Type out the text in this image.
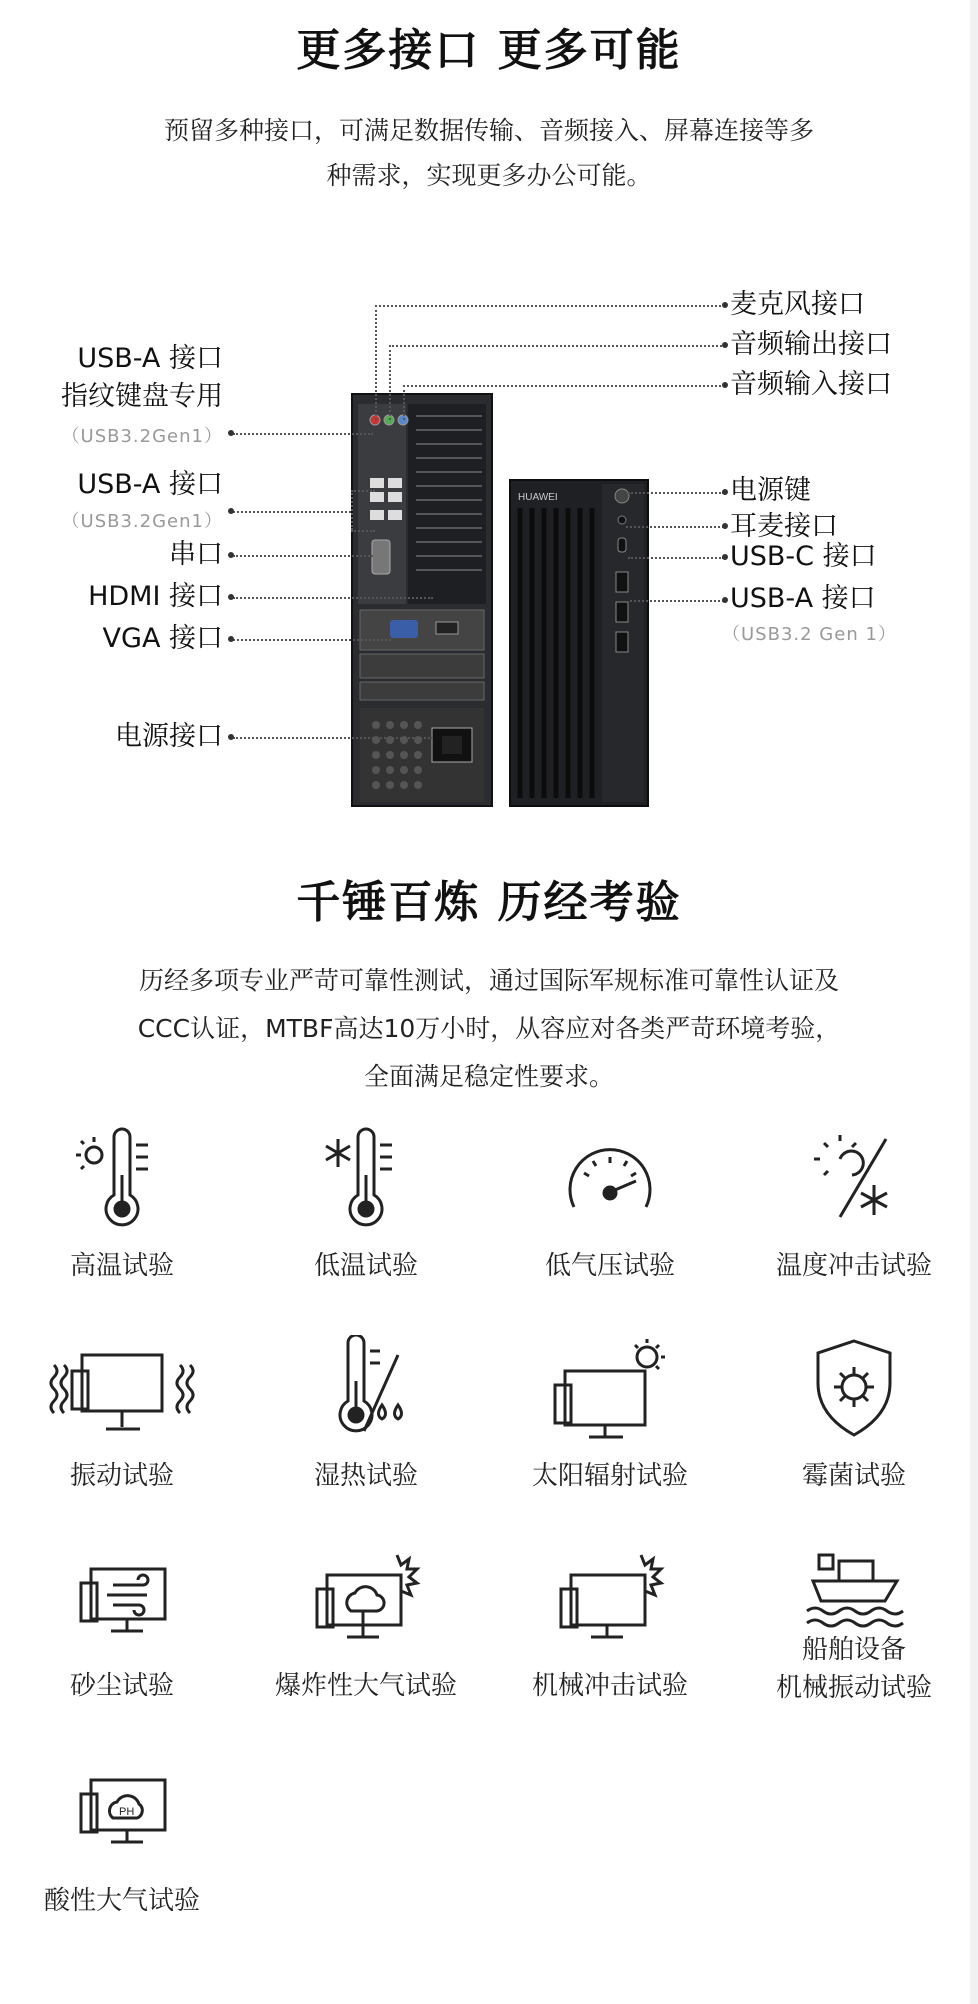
更多接口 更多可能
预留多种接口，可满足数据传输、音频接入、屏幕连接等多
种需求，实现更多办公可能。
HUAWEI
USB-A 接口
指纹键盘专用
（USB3.2Gen1）
USB-A 接口
（USB3.2Gen1）
串口
HDMI 接口
VGA 接口
电源接口
麦克风接口
音频输出接口
音频输入接口
电源键
耳麦接口
USB-C 接口
USB-A 接口
（USB3.2 Gen 1）
千锤百炼 历经考验
历经多项专业严苛可靠性测试，通过国际军规标准可靠性认证及
CCC认证，MTBF高达10万小时，从容应对各类严苛环境考验，
全面满足稳定性要求。
高温试验	低温试验	低气压试验	温度冲击试验
振动试验	湿热试验	太阳辐射试验	霉菌试验
砂尘试验	爆炸性大气试验	机械冲击试验
船舶设备
机械振动试验
PH
酸性大气试验
